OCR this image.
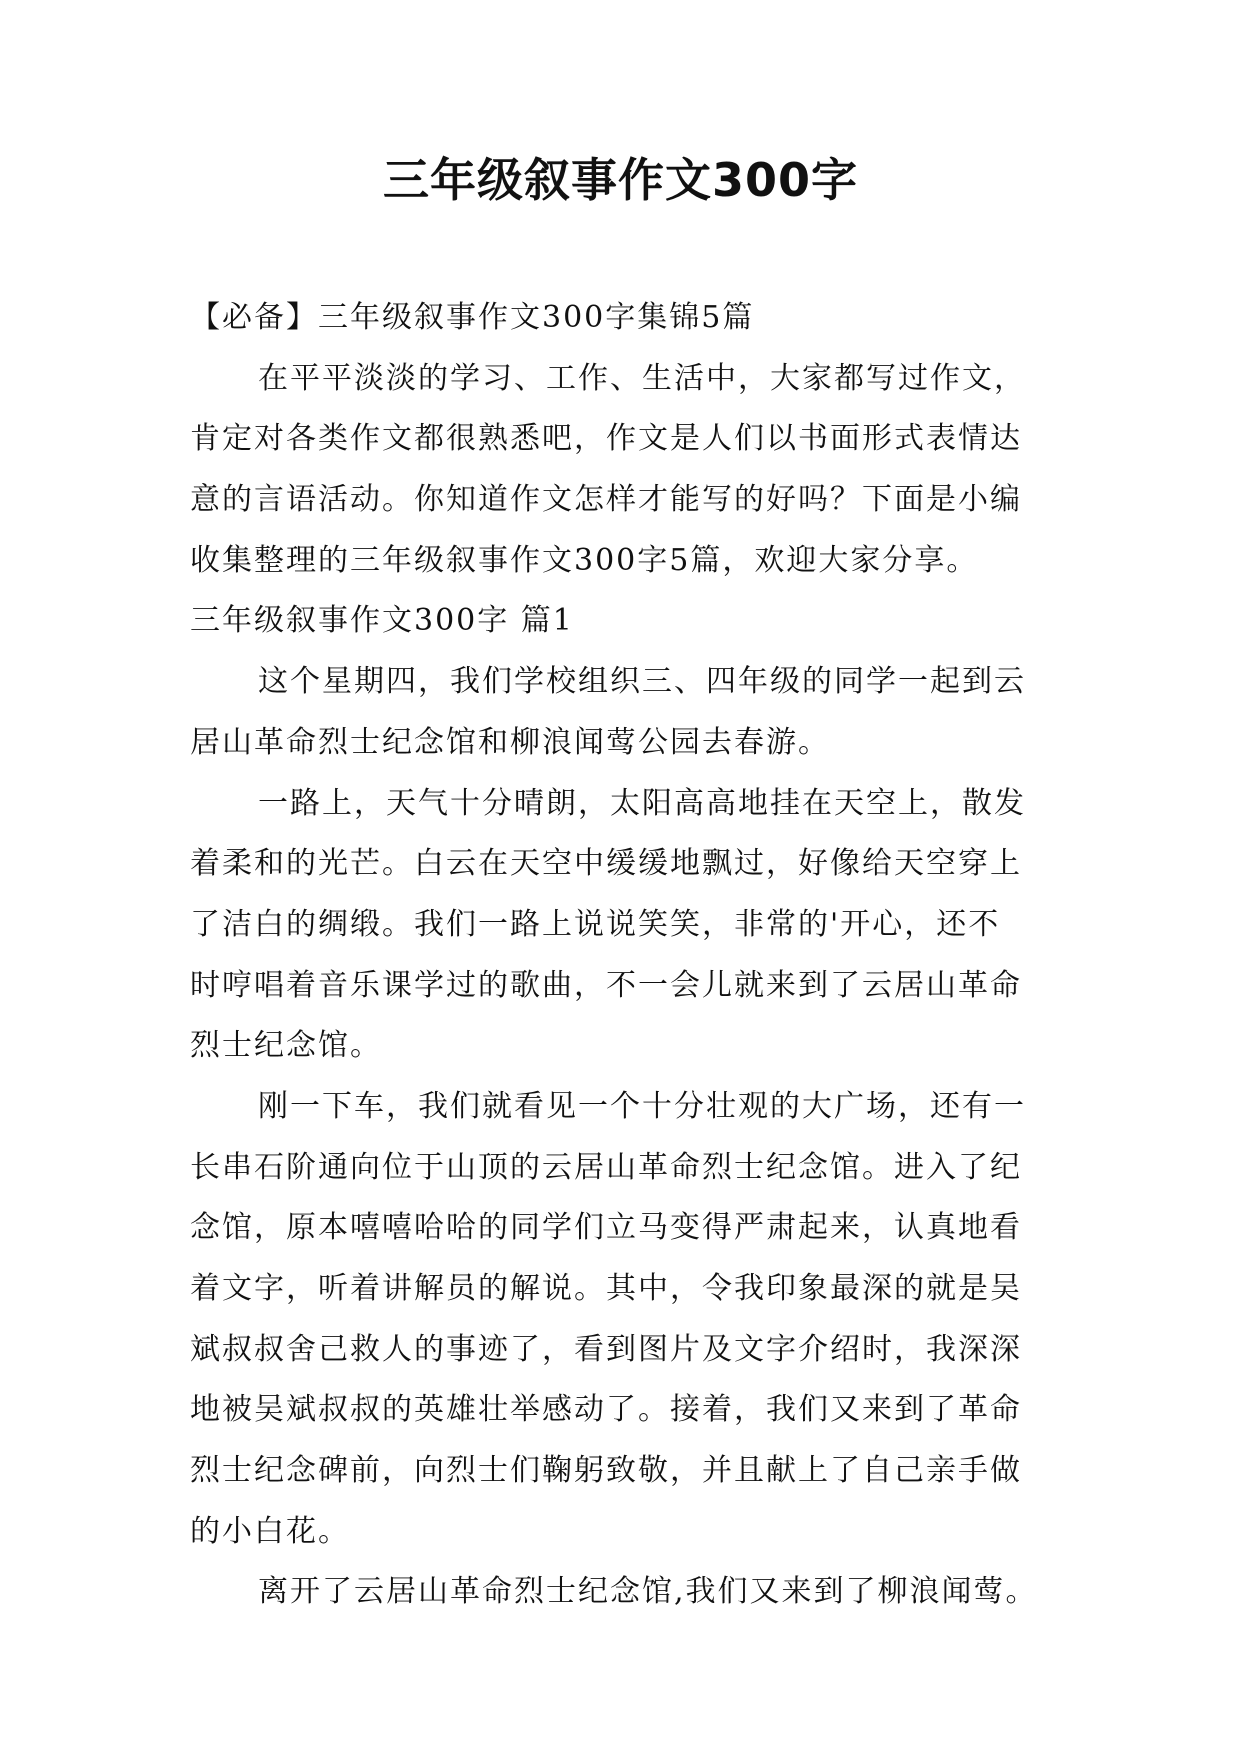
三年级叙事作文300字
【必备】三年级叙事作文300字集锦5篇
在平平淡淡的学习、工作、生活中，大家都写过作文，
肯定对各类作文都很熟悉吧，作文是人们以书面形式表情达
意的言语活动。你知道作文怎样才能写的好吗？下面是小编
收集整理的三年级叙事作文300字5篇，欢迎大家分享。
三年级叙事作文300字 篇1
这个星期四，我们学校组织三、四年级的同学一起到云
居山革命烈士纪念馆和柳浪闻莺公园去春游。
一路上，天气十分晴朗，太阳高高地挂在天空上，散发
着柔和的光芒。白云在天空中缓缓地飘过，好像给天空穿上
了洁白的绸缎。我们一路上说说笑笑，非常的'开心，还不
时哼唱着音乐课学过的歌曲，不一会儿就来到了云居山革命
烈士纪念馆。
刚一下车，我们就看见一个十分壮观的大广场，还有一
长串石阶通向位于山顶的云居山革命烈士纪念馆。进入了纪
念馆，原本嘻嘻哈哈的同学们立马变得严肃起来，认真地看
着文字，听着讲解员的解说。其中，令我印象最深的就是吴
斌叔叔舍己救人的事迹了，看到图片及文字介绍时，我深深
地被吴斌叔叔的英雄壮举感动了。接着，我们又来到了革命
烈士纪念碑前，向烈士们鞠躬致敬，并且献上了自己亲手做
的小白花。
离开了云居山革命烈士纪念馆,我们又来到了柳浪闻莺。
